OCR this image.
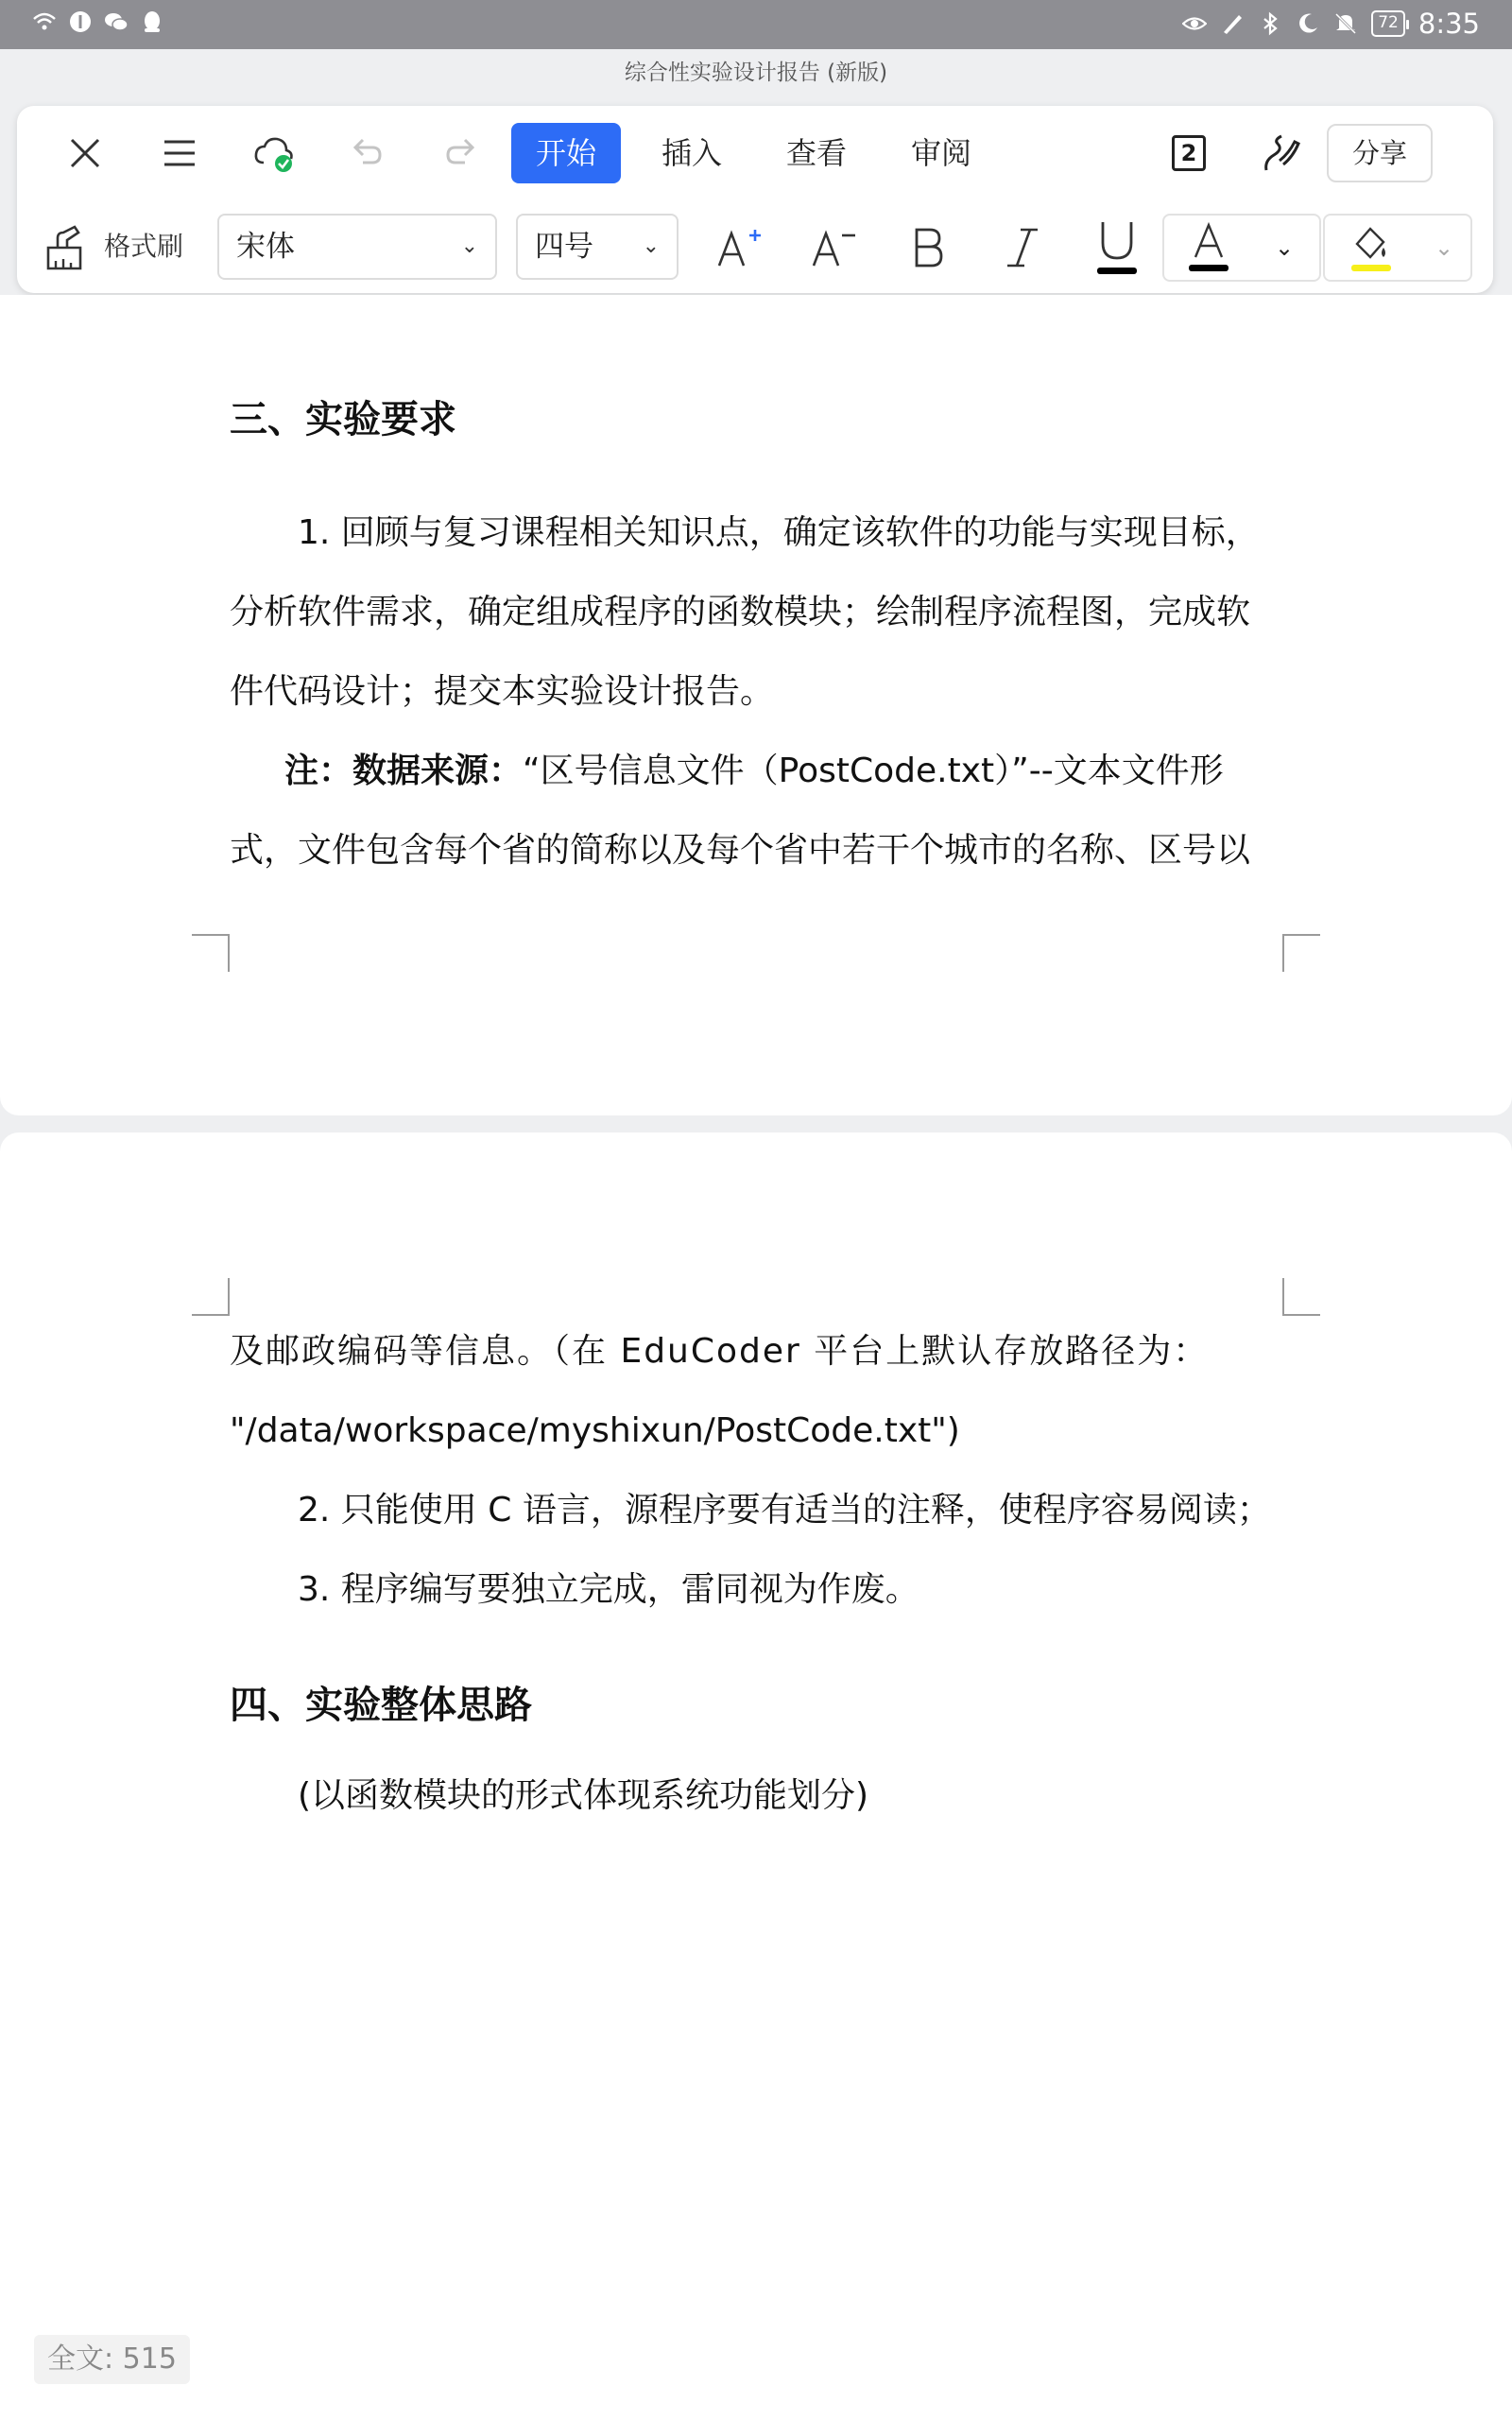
72 8:35
综合性实验设计报告 (新版)
开始	插入	查看	审阅	2	分享
格式刷	宋体	⌄	四号 ⌄	⌄	⌄
三、实验要求
1. 回顾与复习课程相关知识点，确定该软件的功能与实现目标，分析软件需求，确定组成程序的函数模块；绘制程序流程图，完成软件代码设计；提交本实验设计报告。
注：数据来源：“区号信息文件（PostCode.txt）”--文本文件形式，文件包含每个省的简称以及每个省中若干个城市的名称、区号以
及邮政编码等信息。（在 EduCoder 平台上默认存放路径为：
"/data/workspace/myshixun/PostCode.txt")
2. 只能使用 C 语言，源程序要有适当的注释，使程序容易阅读；
3. 程序编写要独立完成，雷同视为作废。
四、实验整体思路
(以函数模块的形式体现系统功能划分)
全文: 515
